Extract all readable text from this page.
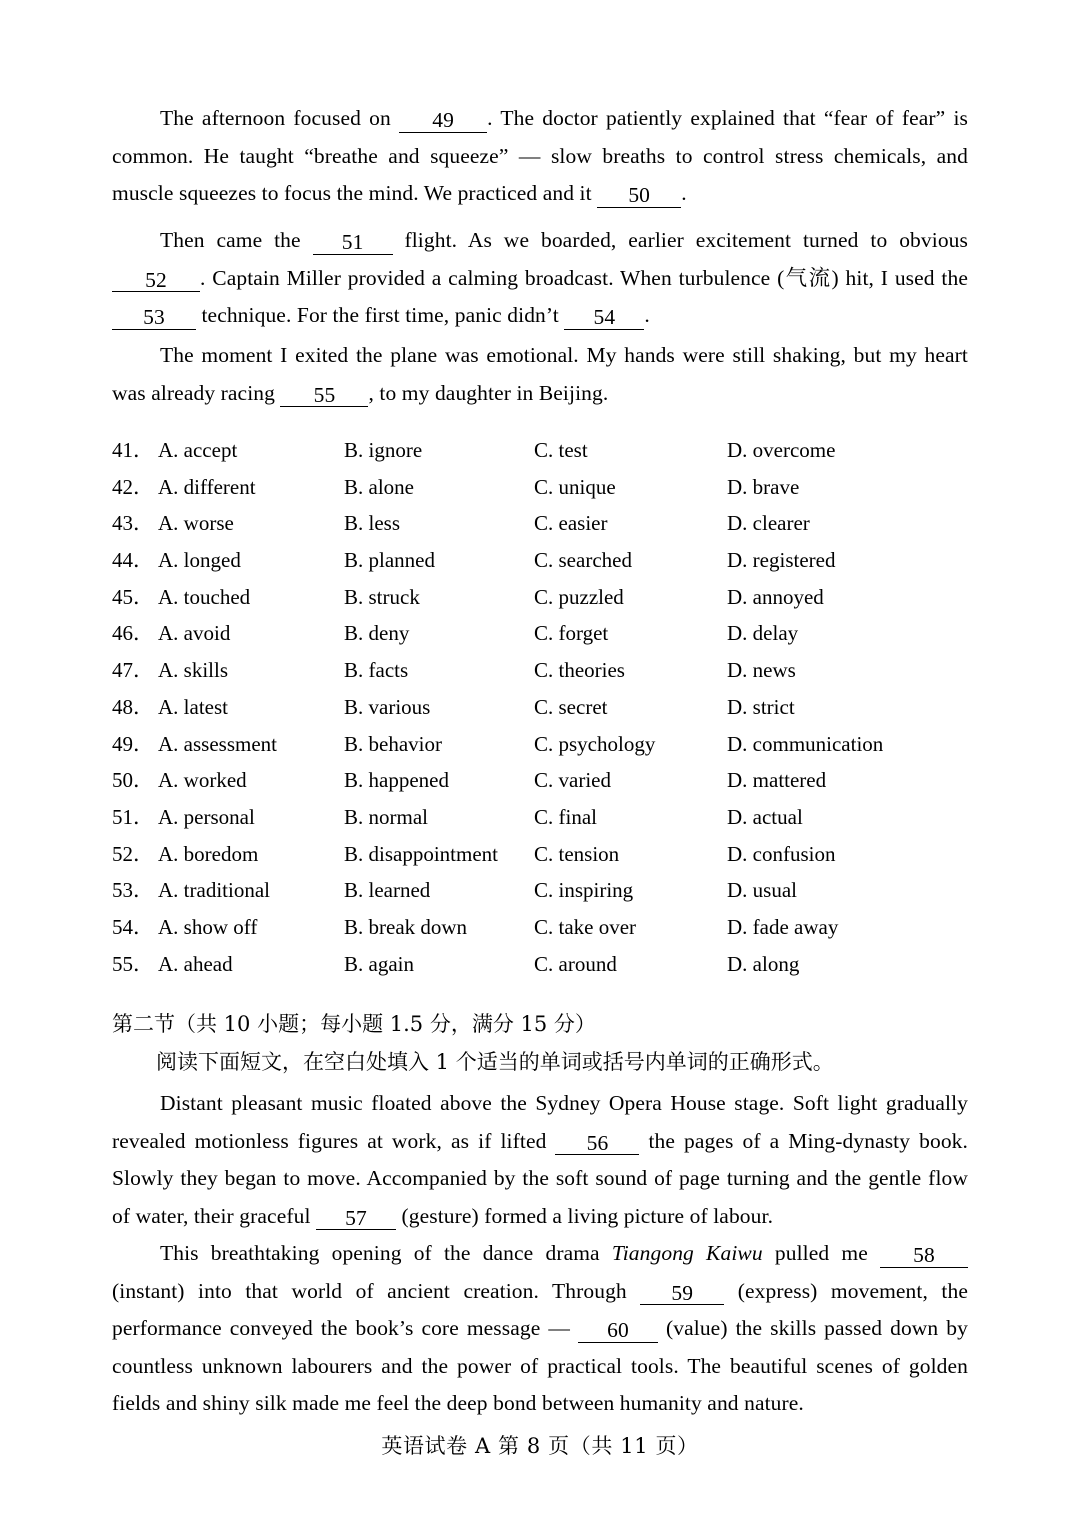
The afternoon focused on 49 . The doctor patiently explained that “fear of fear” is common. He taught “breathe and squeeze” — slow breaths to control stress chemicals, and muscle squeezes to focus the mind. We practiced and it 50 .

Then came the 51 flight. As we boarded, earlier excitement turned to obvious 52 . Captain Miller provided a calming broadcast. When turbulence (气流) hit, I used the 53 technique. For the first time, panic didn’t 54 .

The moment I exited the plane was emotional. My hands were still shaking, but my heart was already racing 55 , to my daughter in Beijing.

41． A. accept	B. ignore	C. test	D. overcome
42． A. different	B. alone	C. unique	D. brave
43． A. worse	B. less	C. easier	D. clearer
44． A. longed	B. planned	C. searched	D. registered
45． A. touched	B. struck	C. puzzled	D. annoyed
46． A. avoid	B. deny	C. forget	D. delay
47． A. skills	B. facts	C. theories	D. news
48． A. latest	B. various	C. secret	D. strict
49． A. assessment	B. behavior	C. psychology	D. communication
50． A. worked	B. happened	C. varied	D. mattered
51． A. personal	B. normal	C. final	D. actual
52． A. boredom	B. disappointment C. tension	D. confusion
53． A. traditional	B. learned	C. inspiring	D. usual
54． A. show off	B. break down	C. take over	D. fade away
55． A. ahead	B. again	C. around	D. along
第二节（共 10 小题；每小题 1.5 分，满分 15 分）
阅读下面短文，在空白处填入 1 个适当的单词或括号内单词的正确形式。

Distant pleasant music floated above the Sydney Opera House stage. Soft light gradually revealed motionless figures at work, as if lifted 56 the pages of a Ming-dynasty book. Slowly they began to move. Accompanied by the soft sound of page turning and the gentle flow of water, their graceful 57 (gesture) formed a living picture of labour.

This breathtaking opening of the dance drama Tiangong Kaiwu pulled me 58 (instant) into that world of ancient creation. Through 59 (express) movement, the performance conveyed the book’s core message — 60 (value) the skills passed down by countless unknown labourers and the power of practical tools. The beautiful scenes of golden fields and shiny silk made me feel the deep bond between humanity and nature.

英语试卷 A 第 8 页（共 11 页）
